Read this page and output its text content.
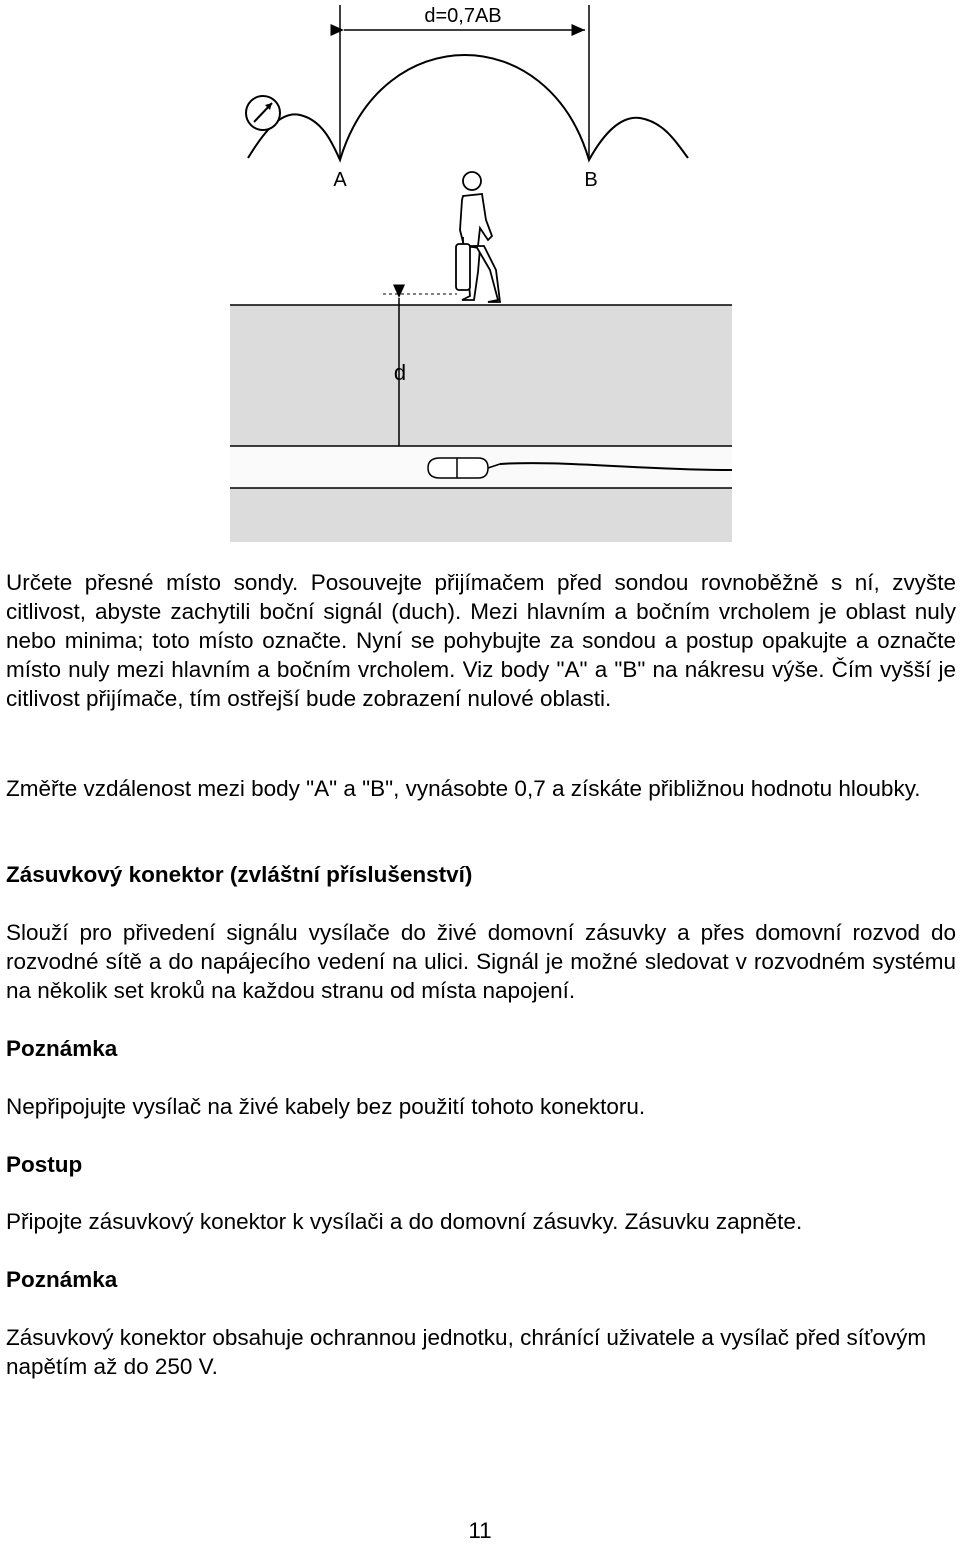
d=0,7AB
A	B
d
Určete přesné místo sondy. Posouvejte přijímačem před sondou rovnoběžně s ní, zvyšte citlivost, abyste zachytili boční signál (duch). Mezi hlavním a bočním vrcholem je oblast nuly nebo minima; toto místo označte. Nyní se pohybujte za sondou a postup opakujte a označte místo nuly mezi hlavním a bočním vrcholem. Viz body "A" a "B" na nákresu výše. Čím vyšší je citlivost přijímače, tím ostřejší bude zobrazení nulové oblasti.
Změřte vzdálenost mezi body "A" a "B", vynásobte 0,7 a získáte přibližnou hodnotu hloubky.
Zásuvkový konektor (zvláštní příslušenství)
Slouží pro přivedení signálu vysílače do živé domovní zásuvky a přes domovní rozvod do rozvodné sítě a do napájecího vedení na ulici. Signál je možné sledovat v rozvodném systému na několik set kroků na každou stranu od místa napojení.
Poznámka
Nepřipojujte vysílač na živé kabely bez použití tohoto konektoru.
Postup
Připojte zásuvkový konektor k vysílači a do domovní zásuvky. Zásuvku zapněte.
Poznámka
Zásuvkový konektor obsahuje ochrannou jednotku, chránící uživatele a vysílač před síťovým napětím až do 250 V.
11
